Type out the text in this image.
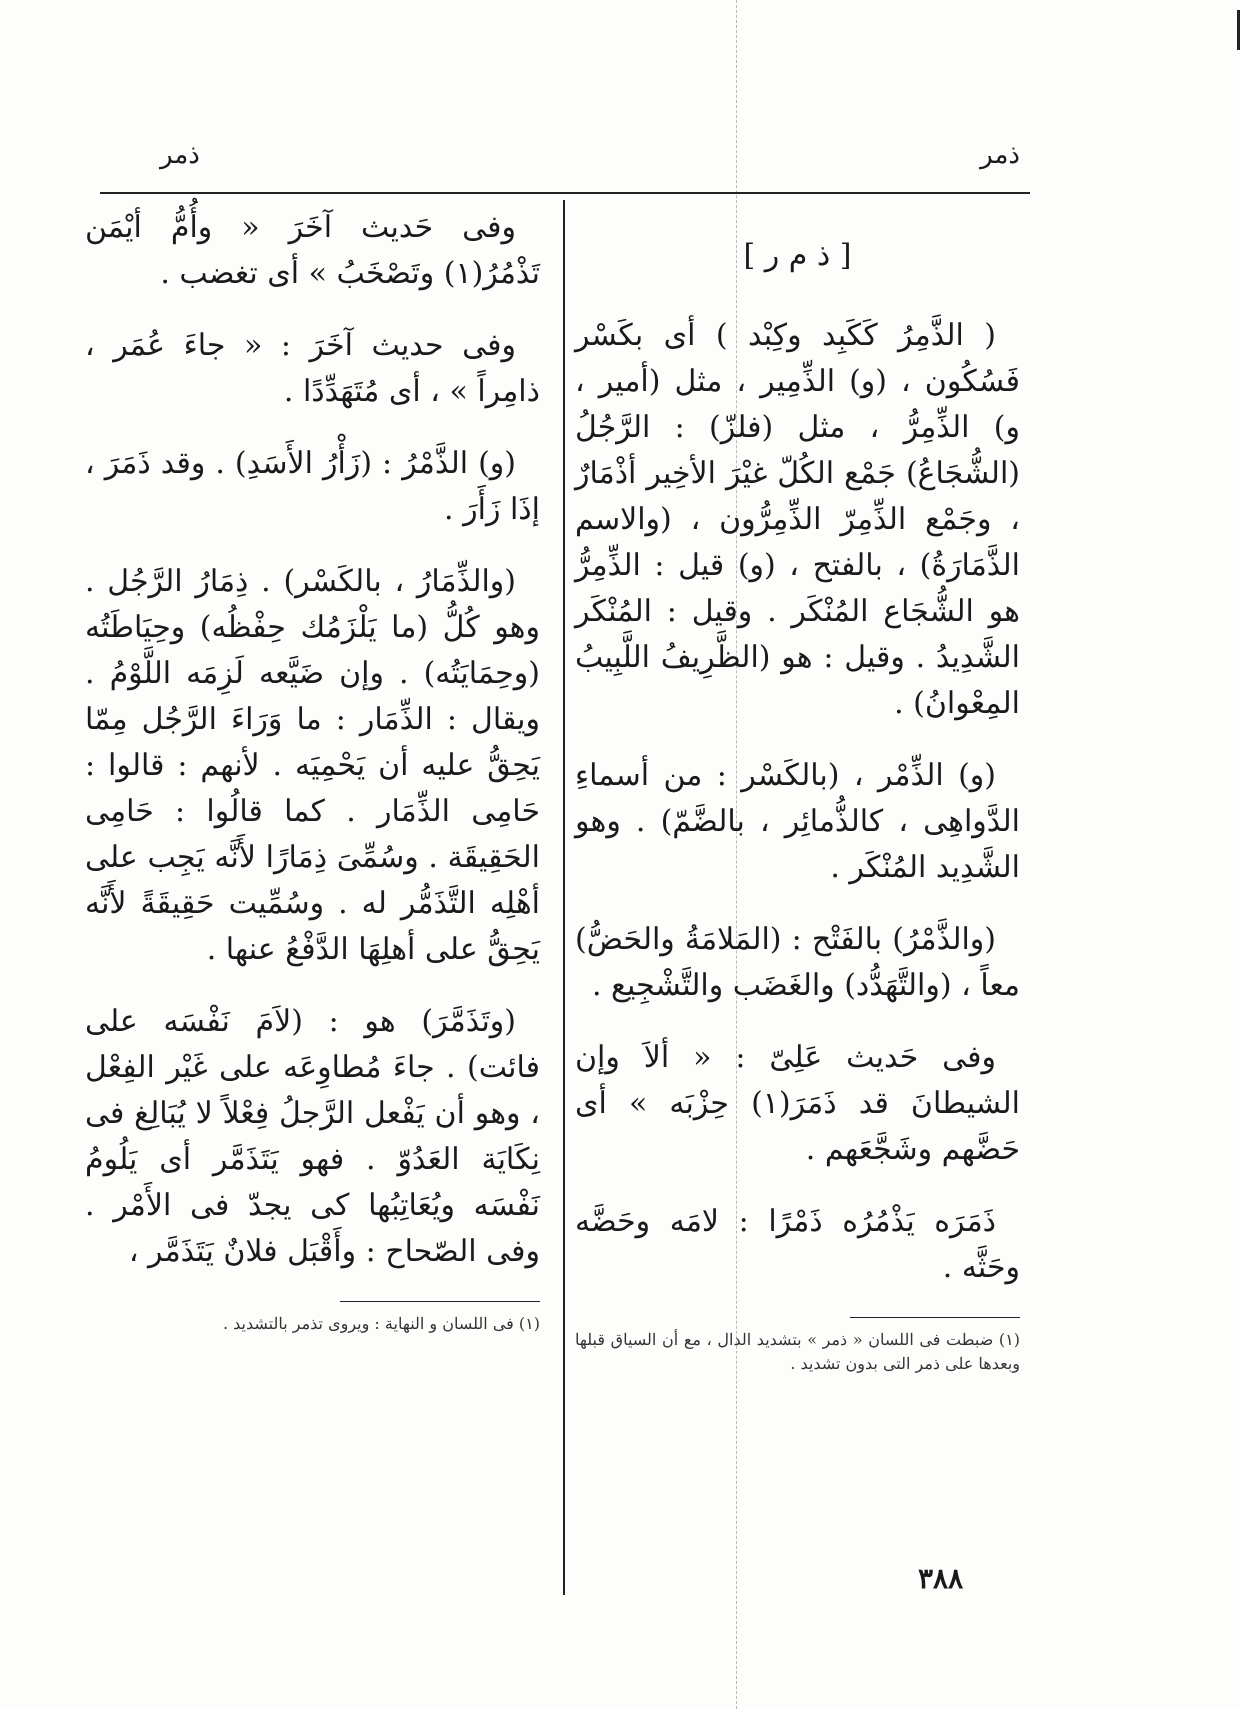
ذمر
ذمر
[ ذ م ر ]

( الذَّمِرُ كَكَبِد وكِبْد ) أى بكَسْر فَسُكُون ، (و) الذِّمِير ، مثل (أمير ، و) الذِّمِرُّ ، مثل (فلزّ) : الرَّجُلُ (الشُّجَاعُ) جَمْع الكُلّ غيْرَ الأخِير أذْمَارٌ ، وجَمْع الذِّمِرّ الذِّمِرُّون ، (والاسم الذَّمَارَةُ) ، بالفتح ، (و) قيل : الذِّمِرُّ هو الشُّجَاع المُنْكَر . وقيل : المُنْكَر الشَّدِيدُ . وقيل : هو (الظَّرِيفُ اللَّبِيبُ المِعْوانُ) .

(و) الذِّمْر ، (بالكَسْر : من أسماءِ الدَّواهِى ، كالذُّمائِر ، بالضَّمّ) . وهو الشَّدِيد المُنْكَر .

(والذَّمْرُ) بالفَتْح : (المَلامَةُ والحَضُّ) معاً ، (والتَّهَدُّد) والغَضَب والتَّشْجِيع .

وفى حَديث عَلِىّ : « ألاَ وإن الشيطانَ قد ذَمَرَ(١) حِزْبَه » أى حَضَّهم وشَجَّعَهم .

ذَمَرَه يَذْمُرُه ذَمْرًا : لامَه وحَضَّه وحَثَّه .

(١) ضبطت فى اللسان « ذمر » بتشديد الدال ، مع أن السياق قبلها وبعدها على ذمر التى بدون تشديد .

وفى حَديث آخَرَ « وأُمُّ أيْمَن تَذْمُرُ(١) وتَصْخَبُ » أى تغضب .

وفى حديث آخَرَ : « جاءَ عُمَر ، ذامِراً » ، أى مُتَهَدِّدًا .

(و) الذَّمْرُ : (زَأْرُ الأَسَدِ) . وقد ذَمَرَ ، إذَا زَأَرَ .

(والذِّمَارُ ، بالكَسْر) . ذِمَارُ الرَّجُل . وهو كُلُّ (ما يَلْزَمُك حِفْظُه) وحِيَاطَتُه (وحِمَايَتُه) . وإن ضَيَّعه لَزِمَه اللَّوْمُ . ويقال : الذِّمَار : ما وَرَاءَ الرَّجُل مِمّا يَحِقُّ عليه أن يَحْمِيَه . لأنهم : قالوا : حَامِى الذِّمَار . كما قالُوا : حَامِى الحَقِيقَة . وسُمِّىَ ذِمَارًا لأَنَّه يَجِب على أهْلِه التَّذَمُّر له . وسُمِّيت حَقِيقَةً لأَنَّه يَحِقُّ على أهلِهَا الدَّفْعُ عنها .

(وتَذَمَّرَ) هو : (لاَمَ نَفْسَه على فائت) . جاءَ مُطاوِعَه على غَيْر الفِعْل ، وهو أن يَفْعل الرَّجلُ فِعْلاً لا يُبَالِغ فى نِكَايَة العَدُوّ . فهو يَتَذَمَّر أى يَلُومُ نَفْسَه ويُعَاتِبُها كى يجدّ فى الأَمْر . وفى الصّحاح : وأَقْبَل فلانٌ يَتَذَمَّر ،

(١) فى اللسان و النهاية : ويروى تذمر بالتشديد .

٣٨٨
